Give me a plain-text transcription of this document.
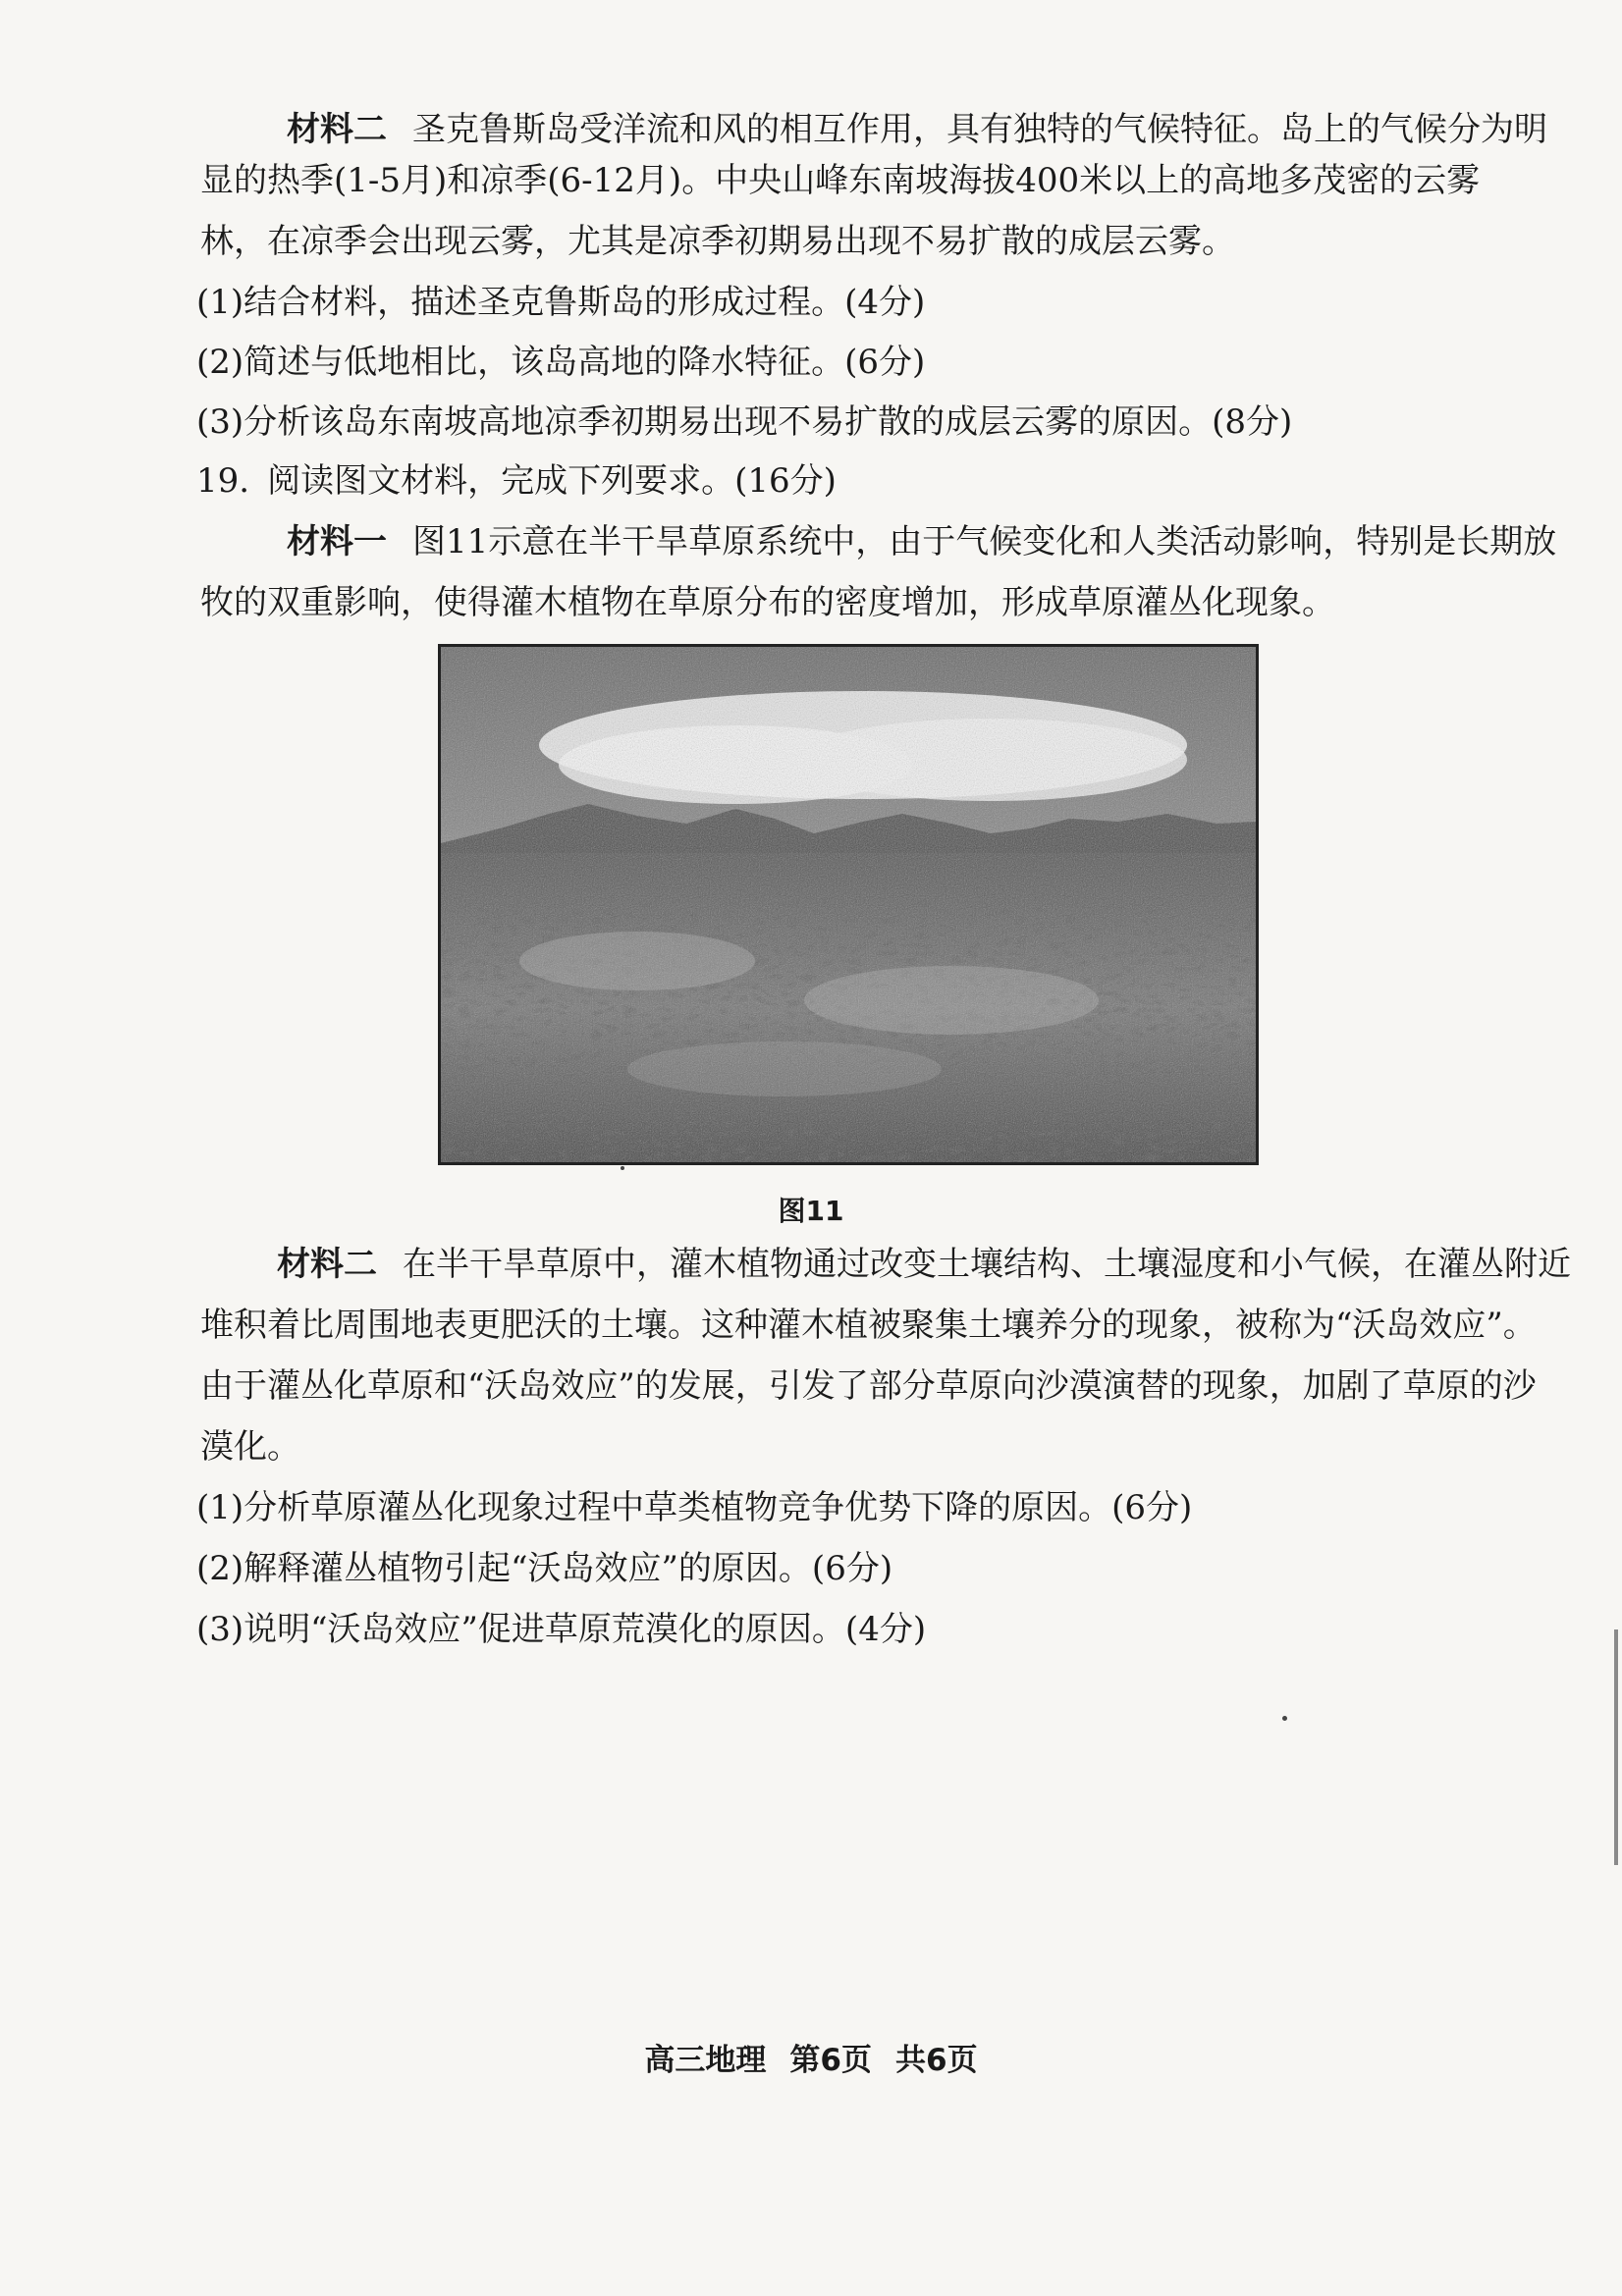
材料二 圣克鲁斯岛受洋流和风的相互作用，具有独特的气候特征。岛上的气候分为明
显的热季(1-5月)和凉季(6-12月)。中央山峰东南坡海拔400米以上的高地多茂密的云雾
林，在凉季会出现云雾，尤其是凉季初期易出现不易扩散的成层云雾。
(1)结合材料，描述圣克鲁斯岛的形成过程。(4分)
(2)简述与低地相比，该岛高地的降水特征。(6分)
(3)分析该岛东南坡高地凉季初期易出现不易扩散的成层云雾的原因。(8分)
19. 阅读图文材料，完成下列要求。(16分)
材料一 图11示意在半干旱草原系统中，由于气候变化和人类活动影响，特别是长期放
牧的双重影响，使得灌木植物在草原分布的密度增加，形成草原灌丛化现象。
图11
材料二 在半干旱草原中，灌木植物通过改变土壤结构、土壤湿度和小气候，在灌丛附近
堆积着比周围地表更肥沃的土壤。这种灌木植被聚集土壤养分的现象，被称为“沃岛效应”。
由于灌丛化草原和“沃岛效应”的发展，引发了部分草原向沙漠演替的现象，加剧了草原的沙
漠化。
(1)分析草原灌丛化现象过程中草类植物竞争优势下降的原因。(6分)
(2)解释灌丛植物引起“沃岛效应”的原因。(6分)
(3)说明“沃岛效应”促进草原荒漠化的原因。(4分)
高三地理 第6页 共6页
